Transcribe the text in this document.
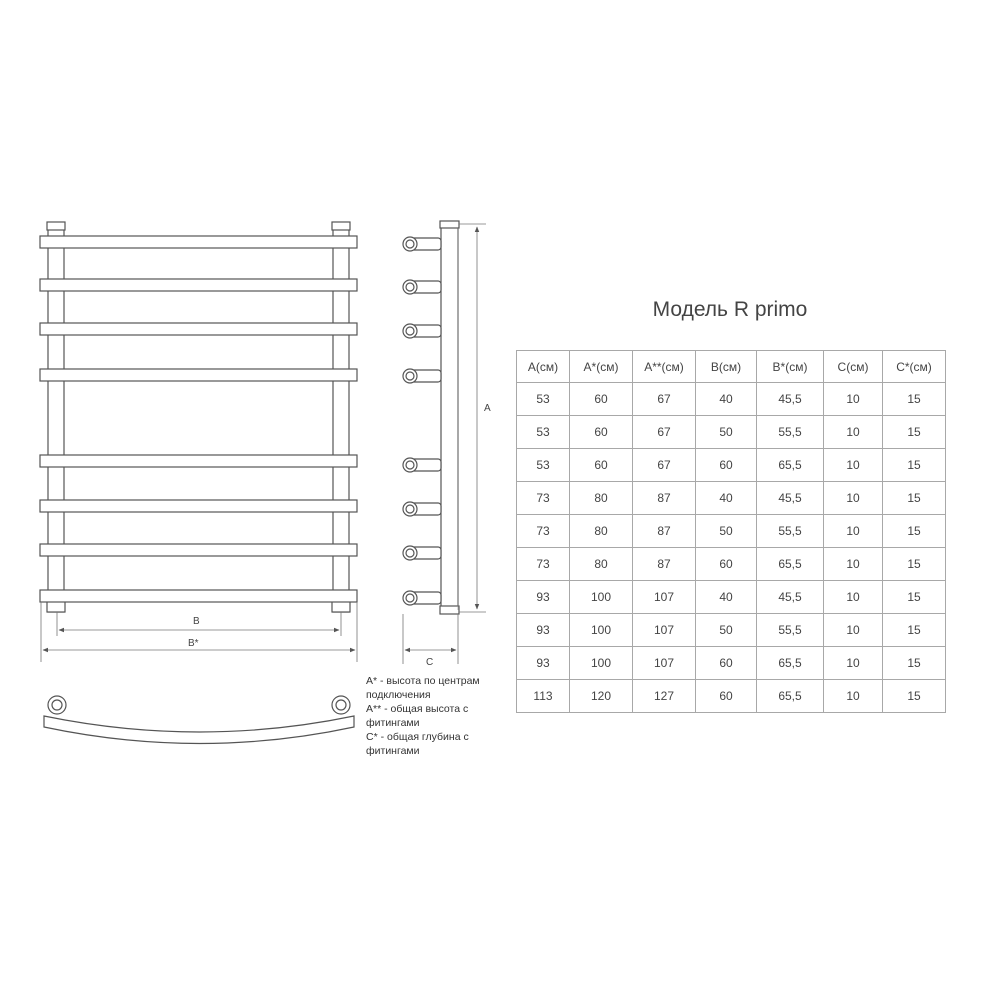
B
B*
A
C
Модель R primo
A(см)	A*(см)	A**(см)	B(см)	B*(см)	C(см)	C*(см)
53	60	67	40	45,5	10	15
53	60	67	50	55,5	10	15
53	60	67	60	65,5	10	15
73	80	87	40	45,5	10	15
73	80	87	50	55,5	10	15
73	80	87	60	65,5	10	15
93	100	107	40	45,5	10	15
93	100	107	50	55,5	10	15
93	100	107	60	65,5	10	15
113	120	127	60	65,5	10	15
A* - высота по центрам подключения
A** - общая высота с фитингами
C* - общая глубина с фитингами
